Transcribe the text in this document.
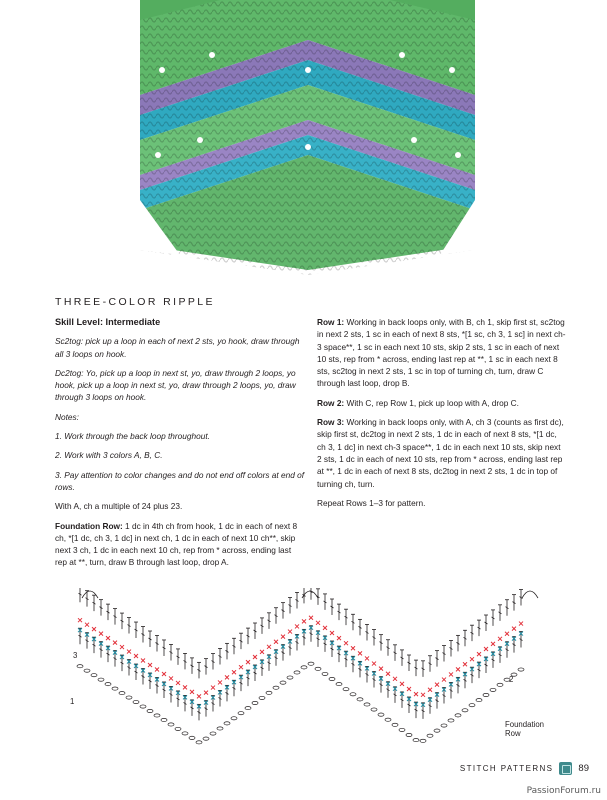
THREE-COLOR RIPPLE

Skill Level: Intermediate

Sc2tog: pick up a loop in each of next 2 sts, yo hook, draw through all 3 loops on hook.

Dc2tog: Yo, pick up a loop in next st, yo, draw through 2 loops, yo hook, pick up a loop in next st, yo, draw through 2 loops, yo, draw through 3 loops on hook.

Notes:

1. Work through the back loop throughout.

2. Work with 3 colors A, B, C.

3. Pay attention to color changes and do not end off colors at end of rows.

With A, ch a multiple of 24 plus 23.

Foundation Row: 1 dc in 4th ch from hook, 1 dc in each of next 8 ch, *[1 dc, ch 3, 1 dc] in next ch, 1 dc in each of next 10 ch**, skip next 3 ch, 1 dc in each next 10 ch, rep from * across, ending last rep at **, turn, draw B through last loop, drop A.

Row 1: Working in back loops only, with B, ch 1, skip first st, sc2tog in next 2 sts, 1 sc in each of next 8 sts, *[1 sc, ch 3, 1 sc] in next ch-3 space**, 1 sc in each next 10 sts, skip 2 sts, 1 sc in each of next 10 sts, rep from * across, ending last rep at **, 1 sc in each next 8 sts, sc2tog in next 2 sts, 1 sc in top of turning ch, turn, draw C through last loop, drop B.

Row 2: With C, rep Row 1, pick up loop with A, drop C.

Row 3: Working in back loops only, with A, ch 3 (counts as first dc), skip first st, dc2tog in next 2 sts, 1 dc in each of next 8 sts, *[1 dc, ch 3, 1 dc] in next ch-3 space**, 1 dc in each next 10 sts, skip next 2 sts, 1 dc in each of next 10 sts, rep from * across, ending last rep at **, 1 dc in each of next 8 sts, dc2tog in next 2 sts, 1 dc in top of turning ch, turn.

Repeat Rows 1–3 for pattern.

3
1
2
Foundation
Row
STITCH PATTERNS	89
PassionForum.ru
